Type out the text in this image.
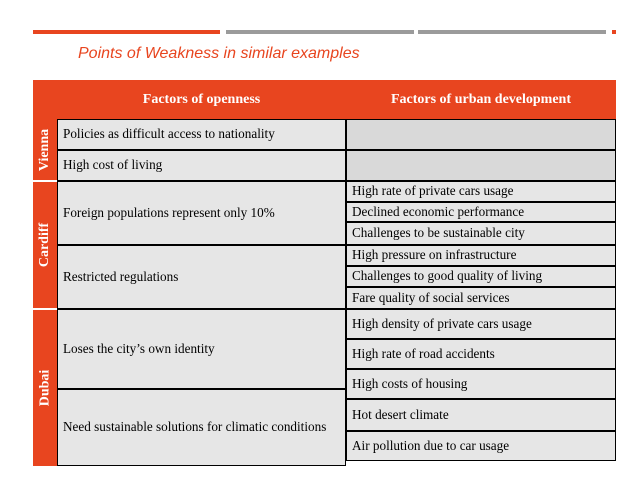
Points of Weakness in similar examples
Factors of openness	Factors of urban development
Vienna
Cardiff
Dubai
Policies as difficult access to nationality
High cost of living
Foreign populations represent only 10%
Restricted regulations
Loses the city’s own identity
Need sustainable solutions for climatic conditions
High rate of private cars usage
Declined economic performance
Challenges to be sustainable city
High pressure on infrastructure
Challenges to good quality of living
Fare quality of social services
High density of private cars usage
High rate of road accidents
High costs of housing
Hot desert climate
Air pollution due to car usage
